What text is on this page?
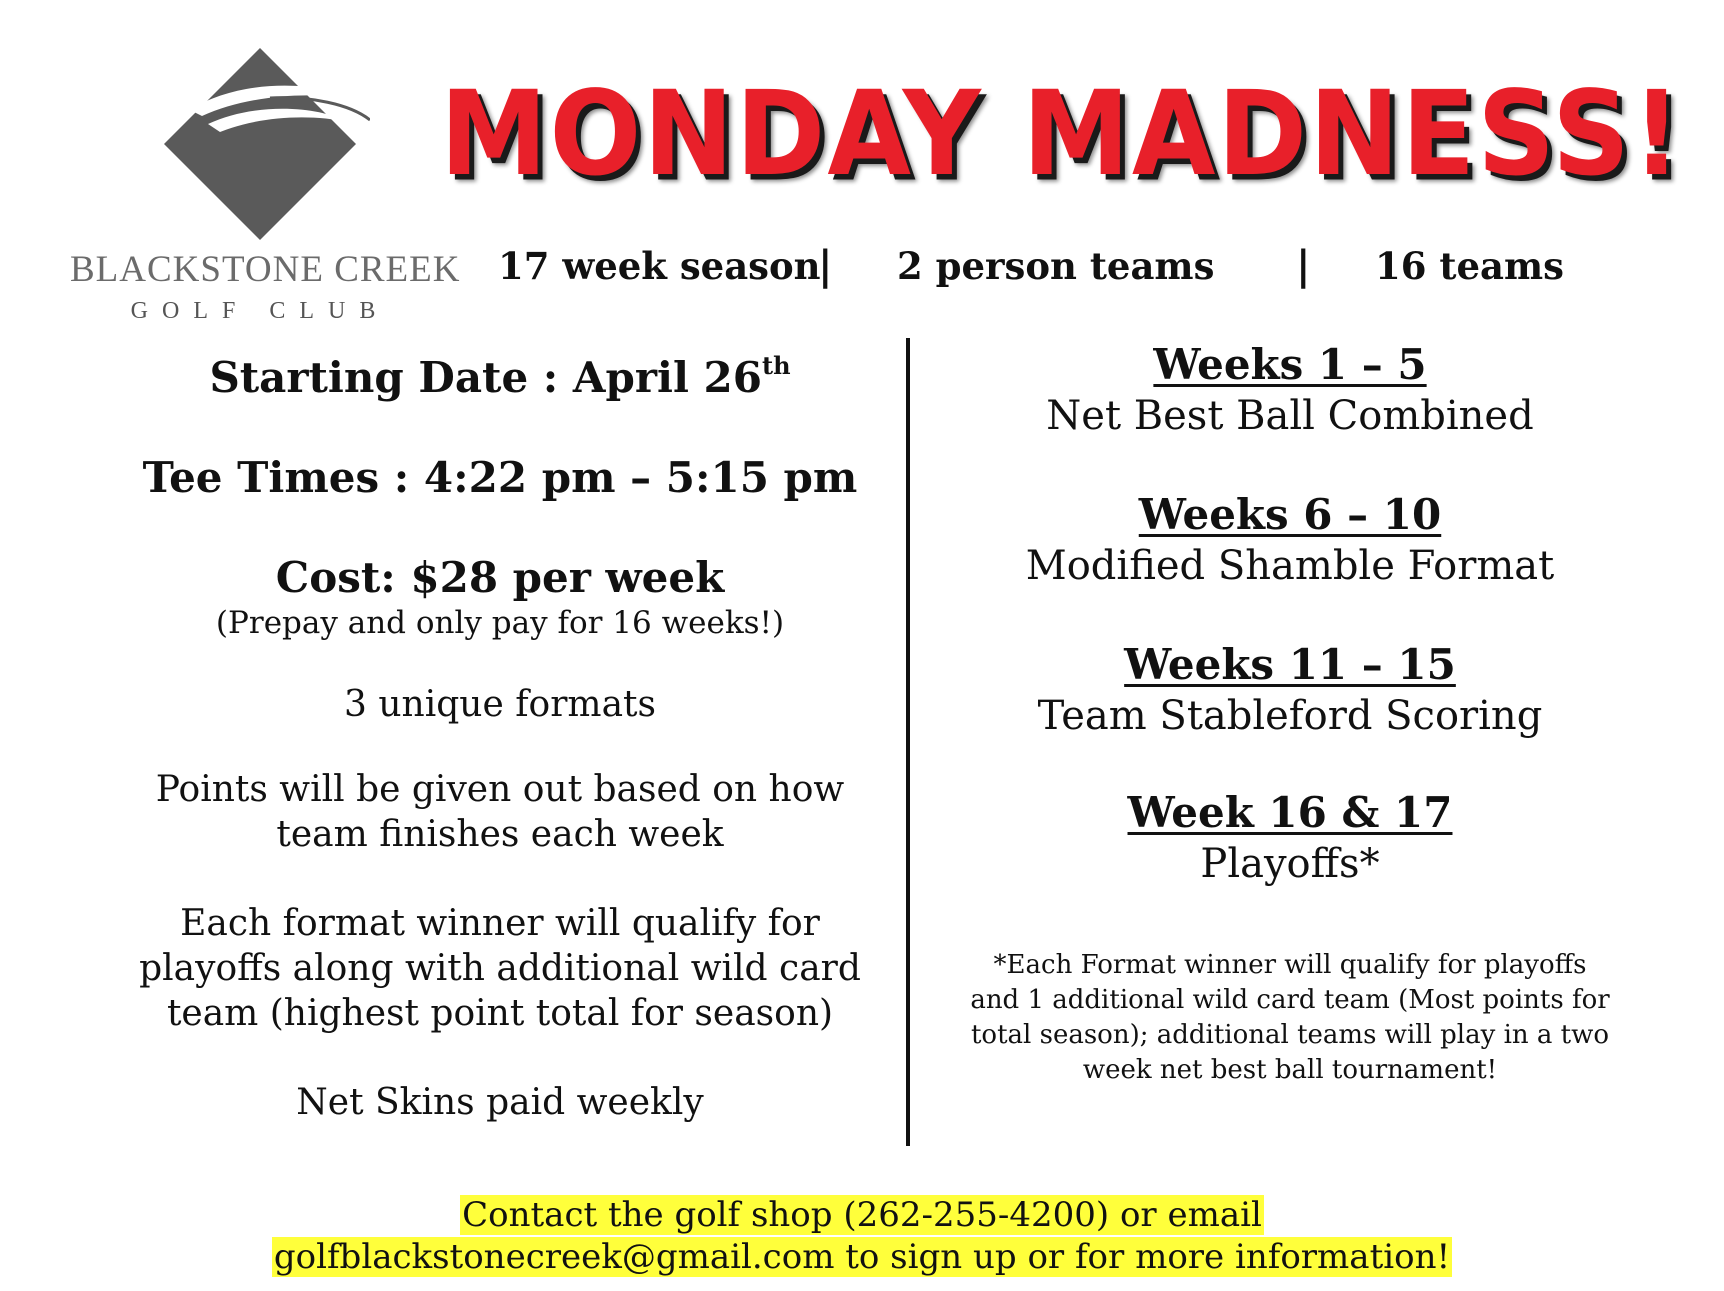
BLACKSTONE CREEK
GOLF CLUB
MONDAY MADNESS!
17 week season
| 2 person teams | 16 teams
Starting Date : April 26th
Tee Times : 4:22 pm – 5:15 pm
Cost: $28 per week
(Prepay and only pay for 16 weeks!)
3 unique formats
Points will be given out based on how
team finishes each week
Each format winner will qualify for
playoffs along with additional wild card
team (highest point total for season)
Net Skins paid weekly
Weeks 1 – 5
Net Best Ball Combined
Weeks 6 – 10
Modified Shamble Format
Weeks 11 – 15
Team Stableford Scoring
Week 16 & 17
Playoffs*
*Each Format winner will qualify for playoffs
and 1 additional wild card team (Most points for
total season); additional teams will play in a two
week net best ball tournament!
Contact the golf shop (262-255-4200) or email
golfblackstonecreek@gmail.com to sign up or for more information!
